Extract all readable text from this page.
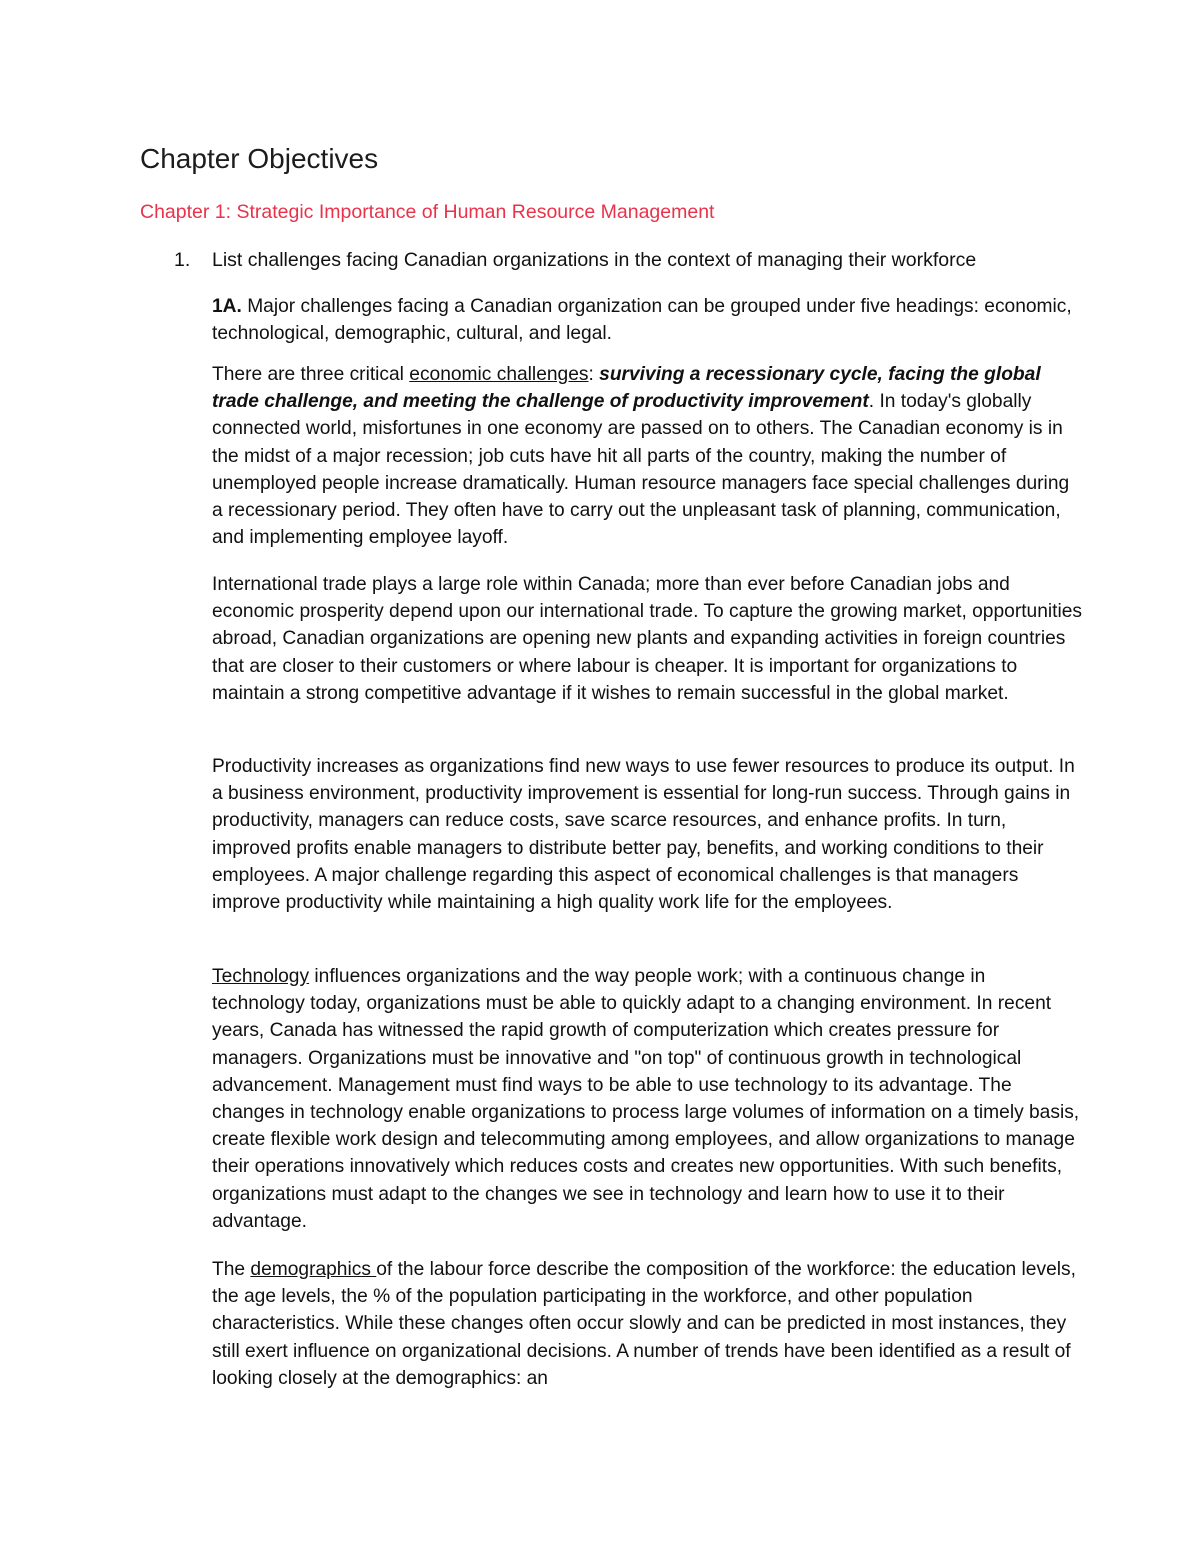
Chapter Objectives
Chapter 1: Strategic Importance of Human Resource Management
1. List challenges facing Canadian organizations in the context of managing their workforce

1A. Major challenges facing a Canadian organization can be grouped under five headings: economic, technological, demographic, cultural, and legal.

There are three critical economic challenges: surviving a recessionary cycle, facing the global trade challenge, and meeting the challenge of productivity improvement. In today's globally connected world, misfortunes in one economy are passed on to others. The Canadian economy is in the midst of a major recession; job cuts have hit all parts of the country, making the number of unemployed people increase dramatically. Human resource managers face special challenges during a recessionary period. They often have to carry out the unpleasant task of planning, communication, and implementing employee layoff.

International trade plays a large role within Canada; more than ever before Canadian jobs and economic prosperity depend upon our international trade. To capture the growing market, opportunities abroad, Canadian organizations are opening new plants and expanding activities in foreign countries that are closer to their customers or where labour is cheaper. It is important for organizations to maintain a strong competitive advantage if it wishes to remain successful in the global market.

Productivity increases as organizations find new ways to use fewer resources to produce its output. In a business environment, productivity improvement is essential for long-run success. Through gains in productivity, managers can reduce costs, save scarce resources, and enhance profits. In turn, improved profits enable managers to distribute better pay, benefits, and working conditions to their employees. A major challenge regarding this aspect of economical challenges is that managers improve productivity while maintaining a high quality work life for the employees.

Technology influences organizations and the way people work; with a continuous change in technology today, organizations must be able to quickly adapt to a changing environment. In recent years, Canada has witnessed the rapid growth of computerization which creates pressure for managers. Organizations must be innovative and "on top" of continuous growth in technological advancement. Management must find ways to be able to use technology to its advantage. The changes in technology enable organizations to process large volumes of information on a timely basis, create flexible work design and telecommuting among employees, and allow organizations to manage their operations innovatively which reduces costs and creates new opportunities. With such benefits, organizations must adapt to the changes we see in technology and learn how to use it to their advantage.

The demographics of the labour force describe the composition of the workforce: the education levels, the age levels, the % of the population participating in the workforce, and other population characteristics. While these changes often occur slowly and can be predicted in most instances, they still exert influence on organizational decisions. A number of trends have been identified as a result of looking closely at the demographics: an
